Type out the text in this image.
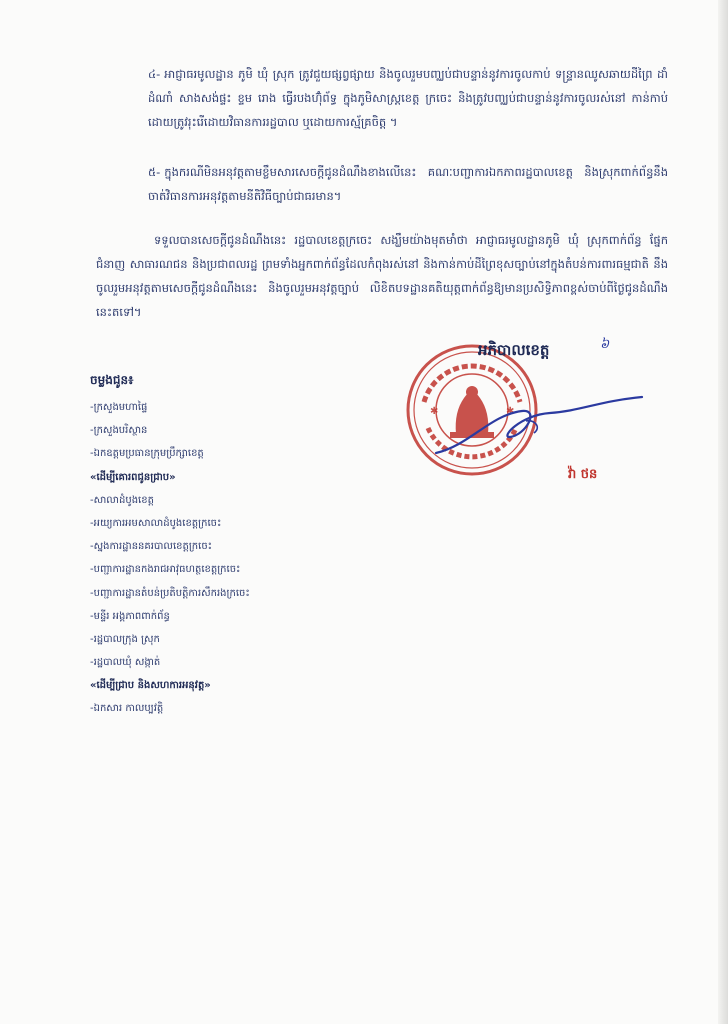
៤- អាជ្ញាធរមូលដ្ឋាន ភូមិ ឃុំ ស្រុក ត្រូវជួយផ្សព្វផ្សាយ និងចូលរួមបញ្ឈប់ជាបន្ទាន់នូវការចូលកាប់ ទន្ទ្រានឈូសឆាយដីព្រៃ ដាំដំណាំ សាងសង់ផ្ទះ ខ្ទម រោង ធ្វើរបងហ៊ុំព័ទ្ធ ក្នុងភូមិសាស្ត្រខេត្ត ក្រចេះ និងត្រូវបញ្ឈប់ជាបន្ទាន់នូវការចូលរស់នៅ កាន់កាប់ ដោយត្រូវរុះរើដោយវិធានការរដ្ឋបាល ឬដោយការស្ម័គ្រចិត្ត ។
៥- ក្នុងករណីមិនអនុវត្តតាមខ្លឹមសារសេចក្តីជូនដំណឹងខាងលើនេះ គណៈបញ្ជាការឯកភាពរដ្ឋបាលខេត្ត និងស្រុកពាក់ព័ន្ធនឹងចាត់វិធានការអនុវត្តតាមនីតិវិធីច្បាប់ជាធរមាន។
ទទួលបានសេចក្តីជូនដំណឹងនេះ រដ្ឋបាលខេត្តក្រចេះ សង្ឃឹមយ៉ាងមុតមាំថា អាជ្ញាធរមូលដ្ឋានភូមិ ឃុំ ស្រុកពាក់ព័ន្ធ ផ្នែកជំនាញ សាធារណជន និងប្រជាពលរដ្ឋ ព្រមទាំងអ្នកពាក់ព័ន្ធដែលកំពុងរស់នៅ និងកាន់កាប់ដីព្រៃខុសច្បាប់នៅក្នុងតំបន់ការពារធម្មជាតិ នឹងចូលរួមអនុវត្តតាមសេចក្តីជូនដំណឹងនេះ និងចូលរួមអនុវត្តច្បាប់ លិខិតបទដ្ឋានគតិយុត្តពាក់ព័ន្ធឱ្យមានប្រសិទ្ធិភាពខ្ពស់ចាប់ពីថ្ងៃជូនដំណឹងនេះតទៅ។
✱	✱
អភិបាលខេត្ត	៦
វ៉ា ថន
ចម្លងជូន៖
-ក្រសួងមហាផ្ទៃ
-ក្រសួងបរិស្ថាន
-ឯកឧត្តមប្រធានក្រុមប្រឹក្សាខេត្ត
«ដើម្បីគោរពជូនជ្រាប»
-សាលាដំបូងខេត្ត
-អយ្យការអមសាលាដំបូងខេត្តក្រចេះ
-ស្នងការដ្ឋាននគរបាលខេត្តក្រចេះ
-បញ្ជាការដ្ឋានកងរាជអាវុធហត្ថខេត្តក្រចេះ
-បញ្ជាការដ្ឋានតំបន់ប្រតិបត្តិការសឹករងក្រចេះ
-មន្ទីរ អង្គភាពពាក់ព័ន្ធ
-រដ្ឋបាលក្រុង ស្រុក
-រដ្ឋបាលឃុំ សង្កាត់
«ដើម្បីជ្រាប និងសហការអនុវត្ត»
-ឯកសារ កាលប្បវត្តិ
